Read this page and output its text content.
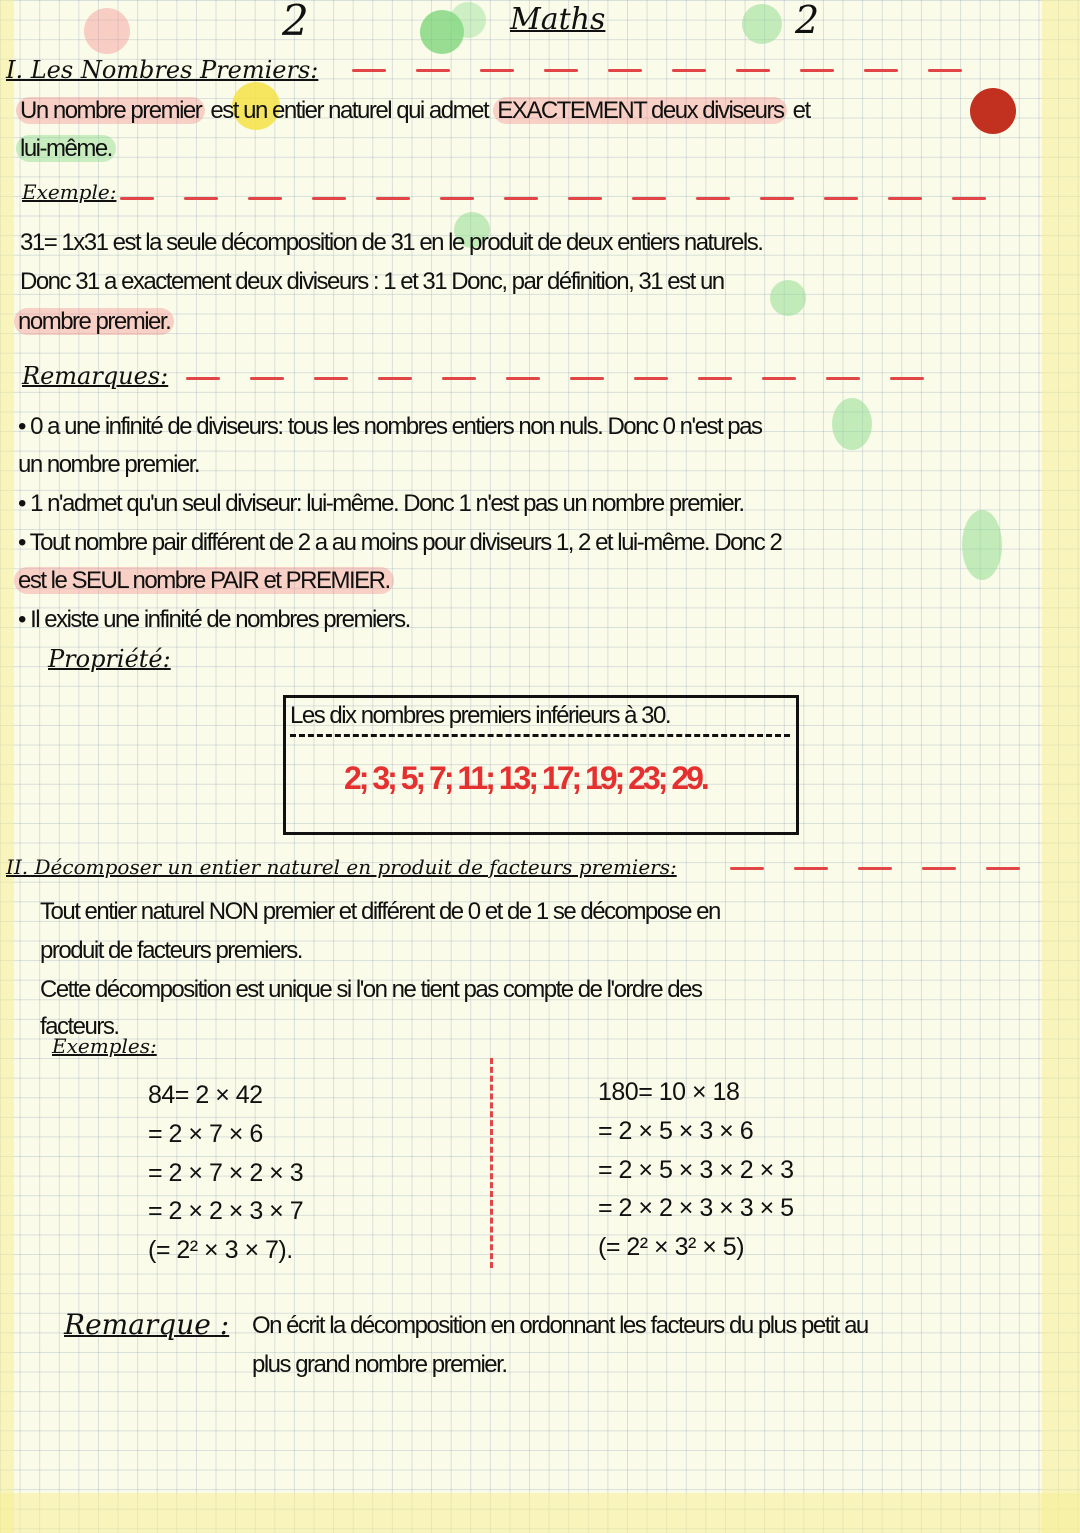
2	Maths	2
I. Les Nombres Premiers:
Un nombre premier est un entier naturel qui admet EXACTEMENT deux diviseurs et
lui-même.
Exemple:
31= 1x31 est la seule décomposition de 31 en le produit de deux entiers naturels.
Donc 31 a exactement deux diviseurs : 1 et 31 Donc, par définition, 31 est un
nombre premier.
Remarques:
• 0 a une infinité de diviseurs: tous les nombres entiers non nuls. Donc 0 n'est pas
un nombre premier.
• 1 n'admet qu'un seul diviseur: lui-même. Donc 1 n'est pas un nombre premier.
• Tout nombre pair différent de 2 a au moins pour diviseurs 1, 2 et lui-même. Donc 2
est le SEUL nombre PAIR et PREMIER.
• Il existe une infinité de nombres premiers.
Propriété:
Les dix nombres premiers inférieurs à 30.
2; 3; 5; 7; 11; 13; 17; 19; 23; 29.
II. Décomposer un entier naturel en produit de facteurs premiers:
Tout entier naturel NON premier et différent de 0 et de 1 se décompose en
produit de facteurs premiers.
Cette décomposition est unique si l'on ne tient pas compte de l'ordre des
facteurs.
Exemples:
84= 2 × 42
= 2 × 7 × 6
= 2 × 7 × 2 × 3
= 2 × 2 × 3 × 7
(= 2² × 3 × 7).
180= 10 × 18
= 2 × 5 × 3 × 6
= 2 × 5 × 3 × 2 × 3
= 2 × 2 × 3 × 3 × 5
(= 2² × 3² × 5)
Remarque : On écrit la décomposition en ordonnant les facteurs du plus petit au
plus grand nombre premier.
